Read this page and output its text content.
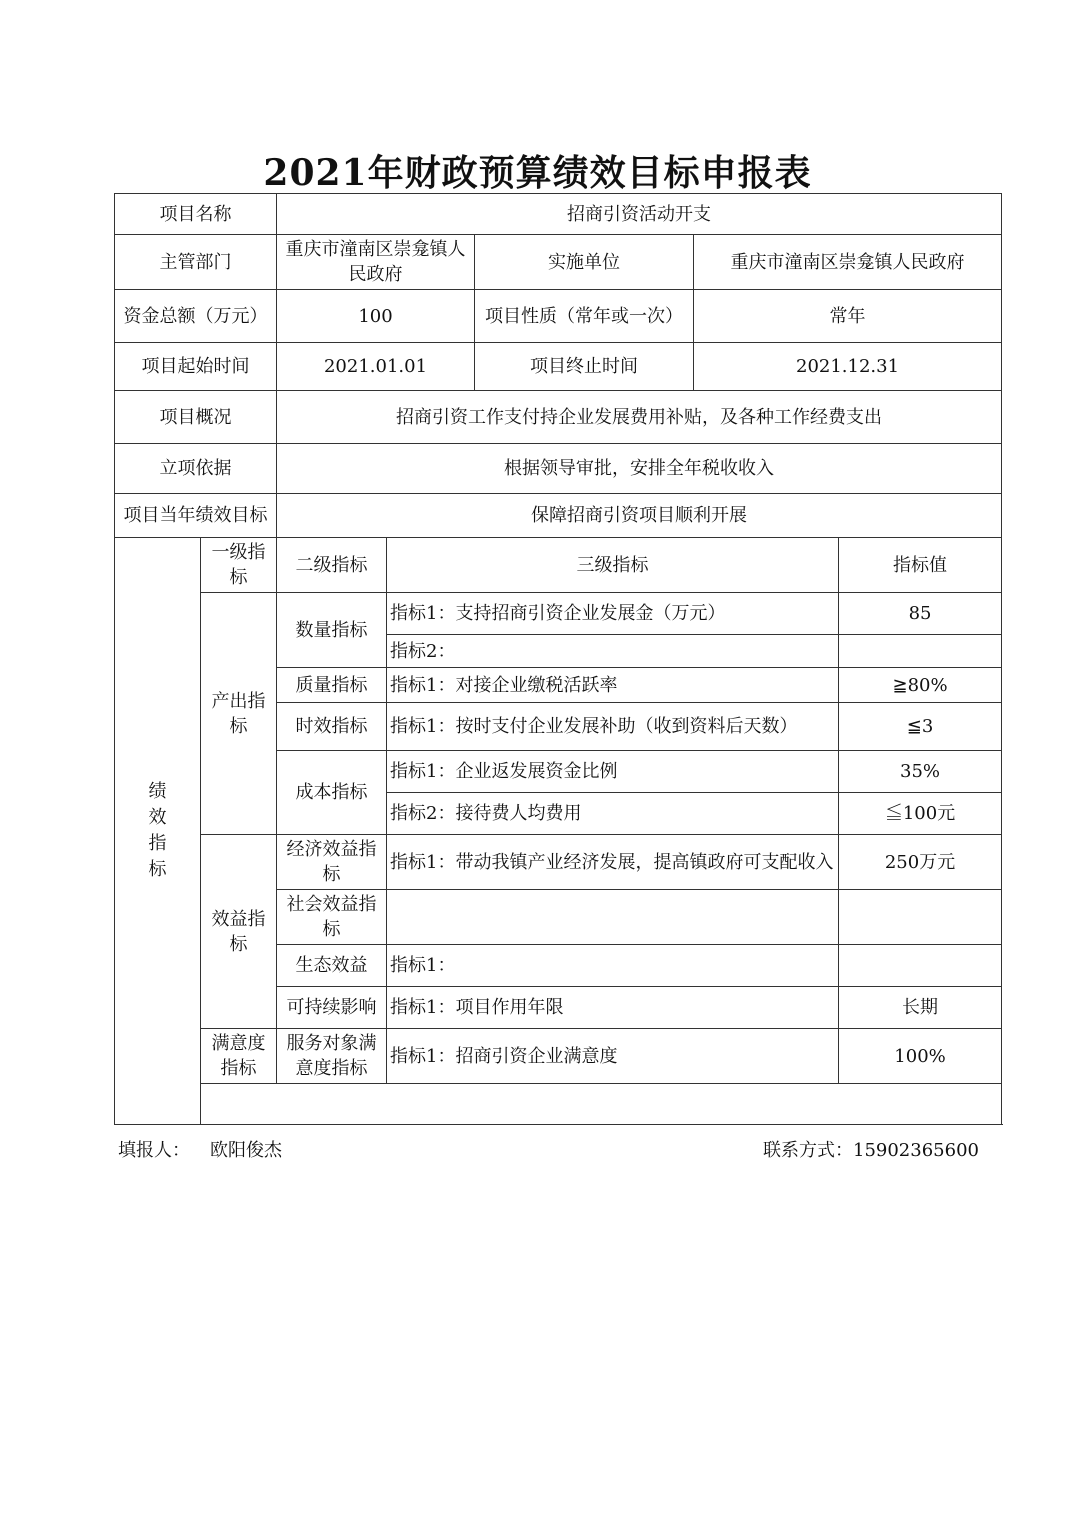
2021年财政预算绩效目标申报表
项目名称		招商引资活动开支				
主管部门		重庆市潼南区崇龛镇人民政府		实施单位	重庆市潼南区崇龛镇人民政府	
资金总额（万元）		100		项目性质（常年或一次）	常年	
项目起始时间		2021.01.01		项目终止时间	2021.12.31	
项目概况		招商引资工作支付持企业发展费用补贴，及各种工作经费支出				
立项依据		根据领导审批，安排全年税收收入				
项目当年绩效目标		保障招商引资项目顺利开展				
绩效指标	一级指标	二级指标	三级指标			指标值
	产出指标	数量指标	指标1：支持招商引资企业发展金（万元）			85
			指标2：			
		质量指标	指标1：对接企业缴税活跃率			≧80%
		时效指标	指标1：按时支付企业发展补助（收到资料后天数）			≦3
		成本指标	指标1：企业返发展资金比例			35%
			指标2：接待费人均费用			≦100元
	效益指标	经济效益指标	指标1：带动我镇产业经济发展，提高镇政府可支配收入			250万元
		社会效益指标				
		生态效益	指标1：			
		可持续影响	指标1：项目作用年限			长期
	满意度指标	服务对象满意度指标	指标1：招商引资企业满意度			100%

填报人： 欧阳俊杰	联系方式：15902365600
